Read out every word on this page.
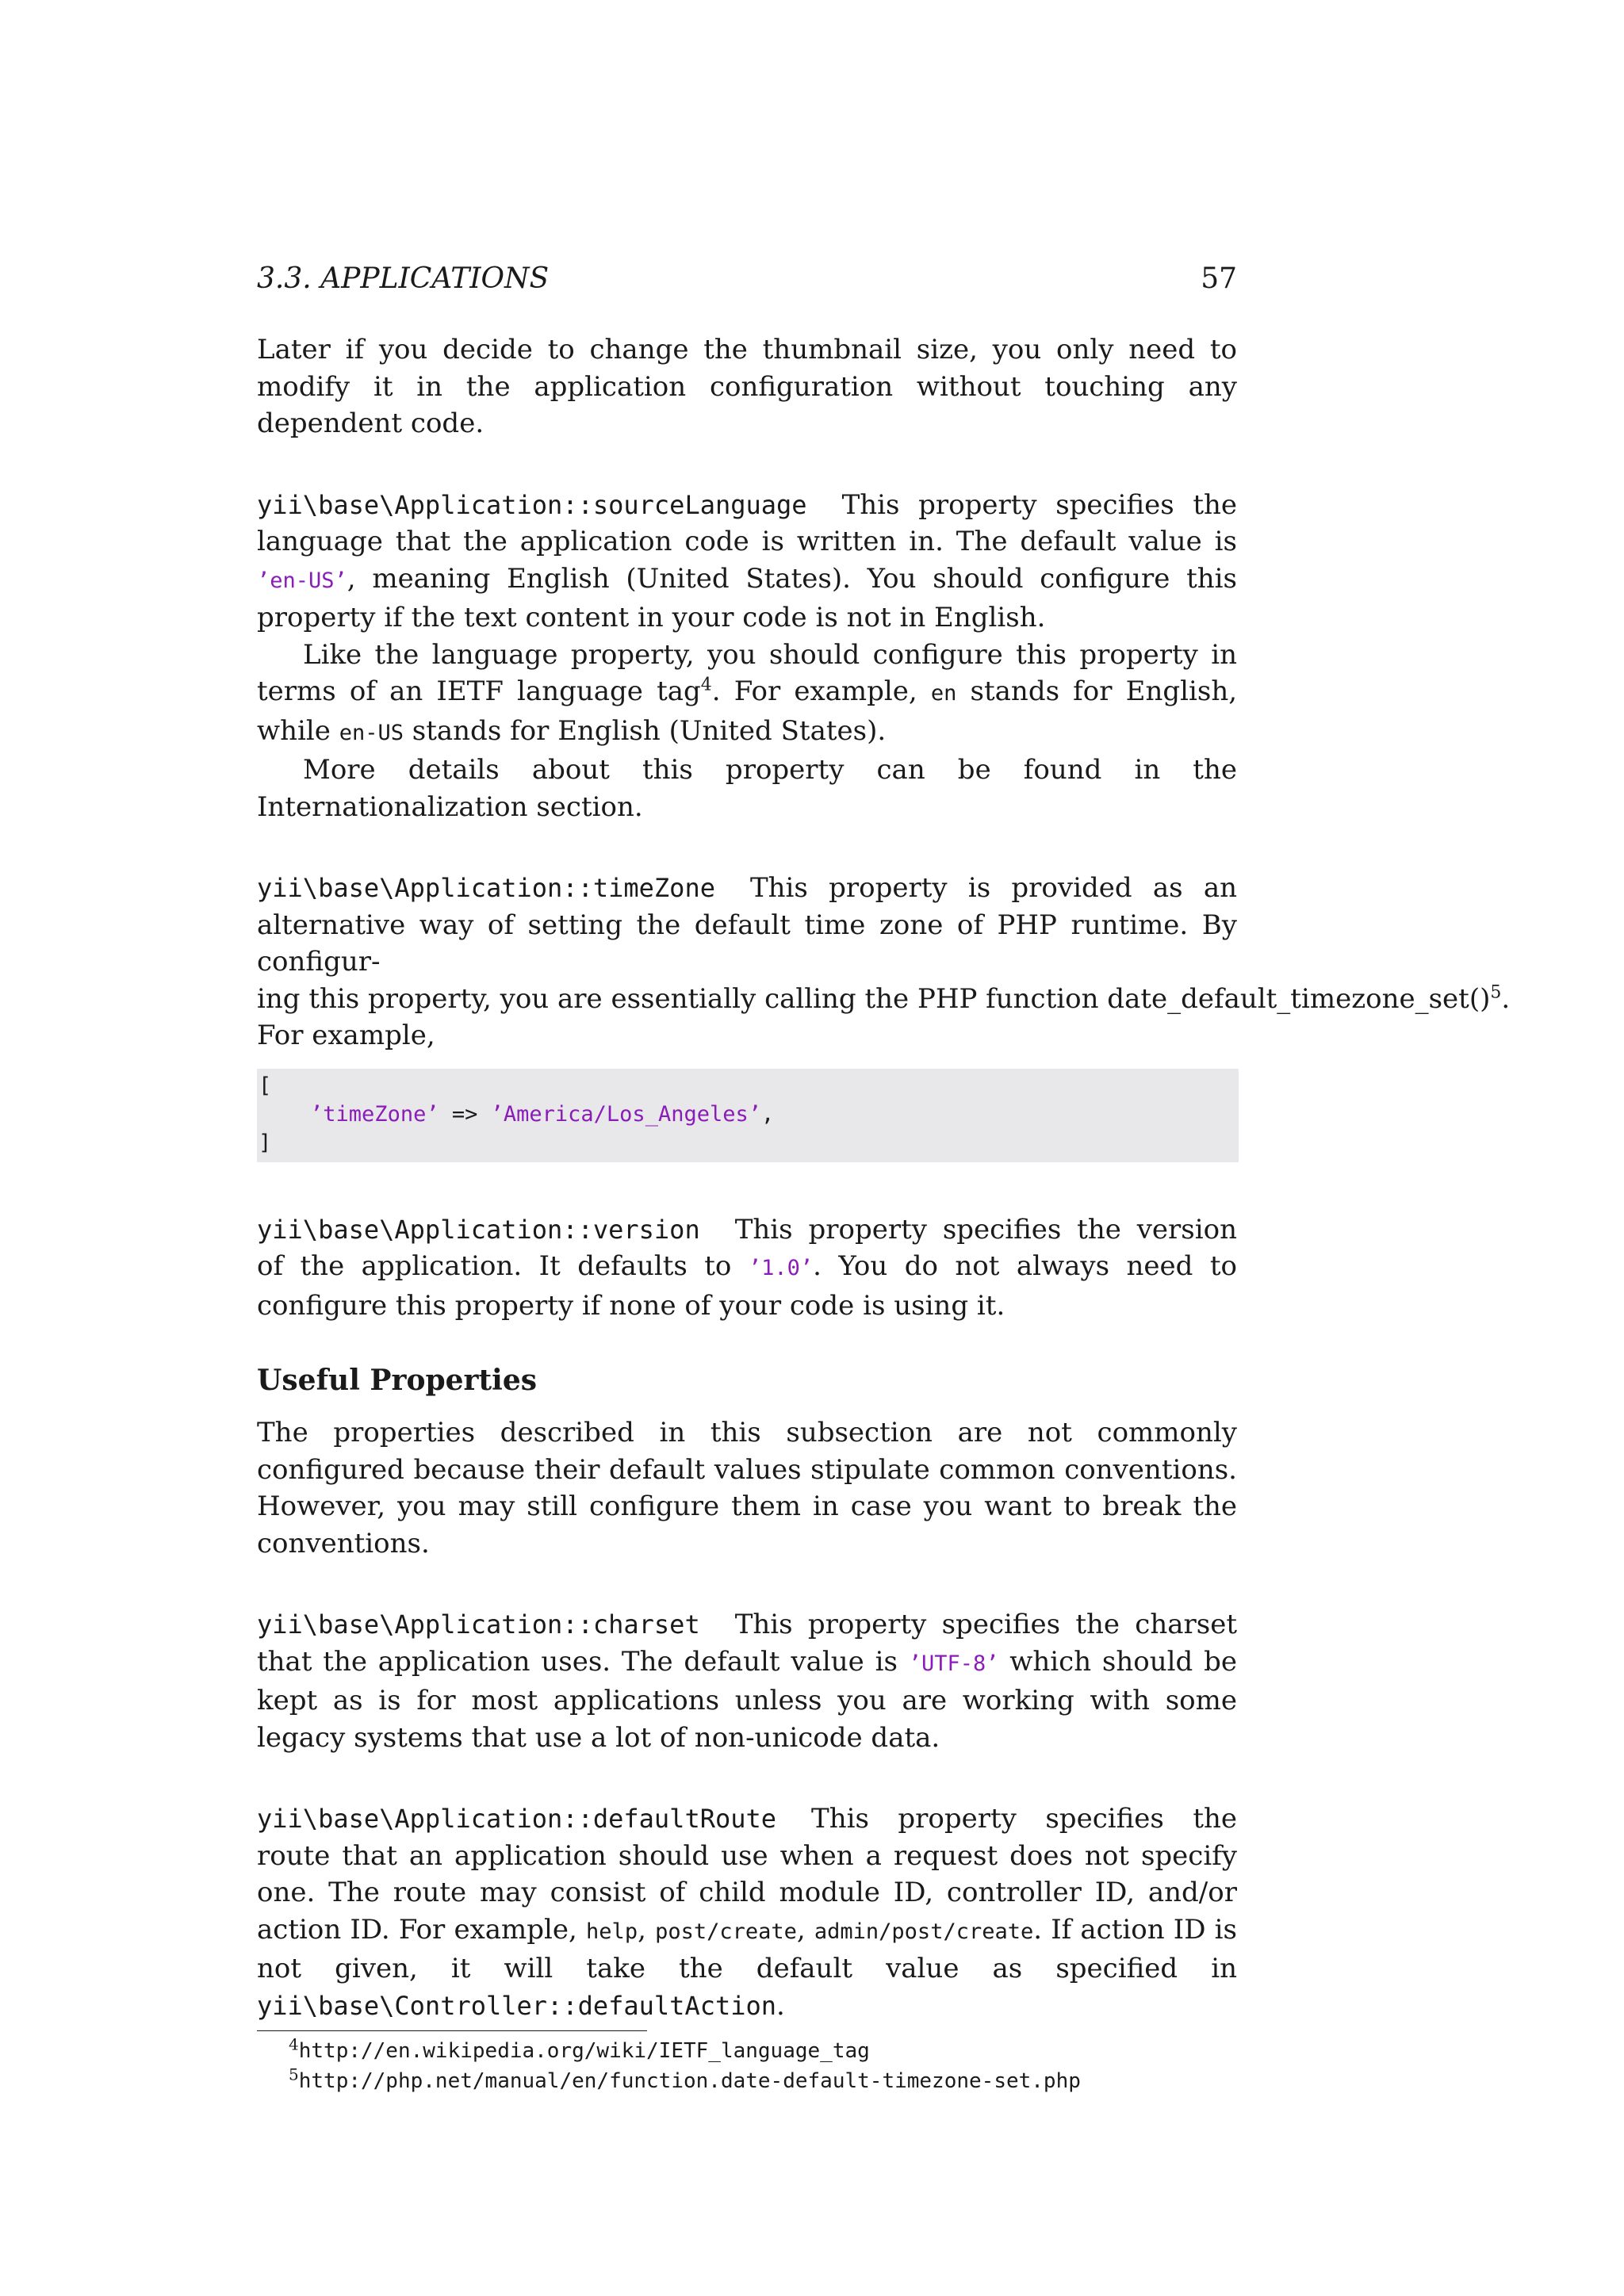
3.3. APPLICATIONS	57

Later if you decide to change the thumbnail size, you only need to modify it in the application configuration without touching any dependent code.

yii\base\Application::sourceLanguage This property specifies the language that the application code is written in. The default value is ’en-US’, meaning English (United States). You should configure this property if the text content in your code is not in English.

Like the language property, you should configure this property in terms of an IETF language tag$^4$. For example, en stands for English, while en-US stands for English (United States).

More details about this property can be found in the Internationalization section.

yii\base\Application::timeZone This property is provided as an alternative way of setting the default time zone of PHP runtime. By configur-
ing this property, you are essentially calling the PHP function date_default_timezone_set()$^5$.
For example,

[
’timeZone’ => ’America/Los_Angeles’,
]

yii\base\Application::version This property specifies the version of the application. It defaults to ’1.0’. You do not always need to configure this property if none of your code is using it.

Useful Properties

The properties described in this subsection are not commonly configured because their default values stipulate common conventions. However, you may still configure them in case you want to break the conventions.

yii\base\Application::charset This property specifies the charset that the application uses. The default value is ’UTF-8’ which should be kept as is for most applications unless you are working with some legacy systems that use a lot of non-unicode data.

yii\base\Application::defaultRoute This property specifies the route that an application should use when a request does not specify one. The route may consist of child module ID, controller ID, and/or action ID. For example, help, post/create, admin/post/create. If action ID is not given, it will take the default value as specified in yii\base\Controller::defaultAction.

$^4$http://en.wikipedia.org/wiki/IETF_language_tag
$^5$http://php.net/manual/en/function.date-default-timezone-set.php
